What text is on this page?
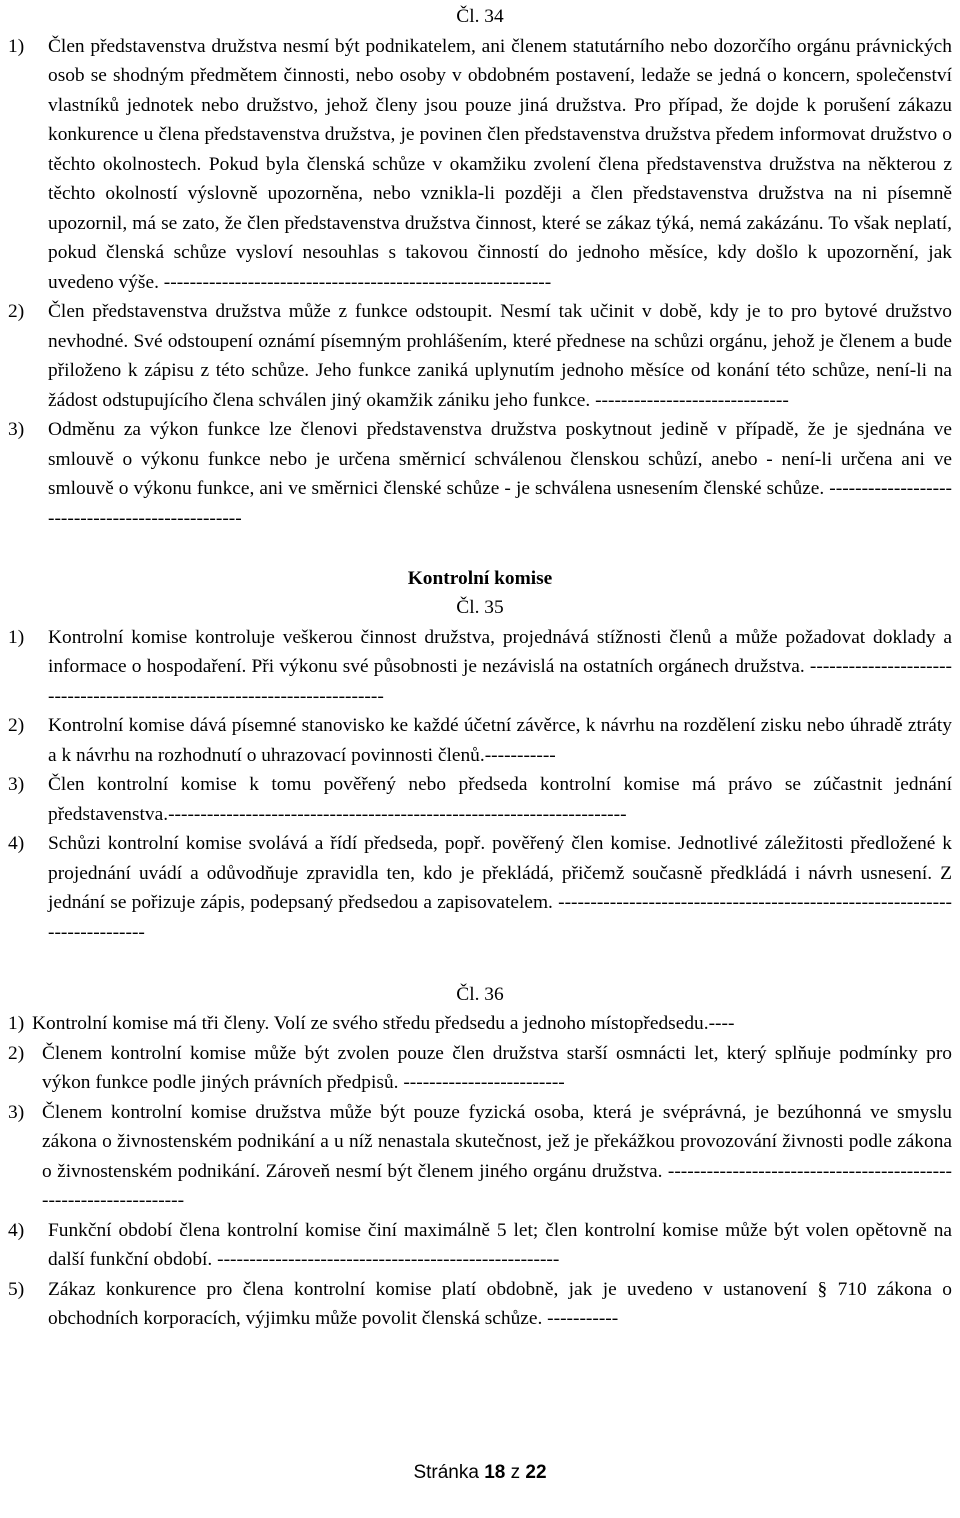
Čl. 34
1)	Člen představenstva družstva nesmí být podnikatelem, ani členem statutárního nebo dozorčího orgánu právnických osob se shodným předmětem činnosti, nebo osoby v obdobném postavení, ledaže se jedná o koncern, společenství vlastníků jednotek nebo družstvo, jehož členy jsou pouze jiná družstva. Pro případ, že dojde k porušení zákazu konkurence u člena představenstva družstva, je povinen člen představenstva družstva předem informovat družstvo o těchto okolnostech. Pokud byla členská schůze v okamžiku zvolení člena představenstva družstva na některou z těchto okolností výslovně upozorněna, nebo vznikla-li později a člen představenstva družstva na ni písemně upozornil, má se zato, že člen představenstva družstva činnost, které se zákaz týká, nemá zakázánu. To však neplatí, pokud členská schůze vysloví nesouhlas s takovou činností do jednoho měsíce, kdy došlo k upozornění, jak uvedeno výše. ------------------------------------------------------------
2)	Člen představenstva družstva může z funkce odstoupit. Nesmí tak učinit v době, kdy je to pro bytové družstvo nevhodné. Své odstoupení oznámí písemným prohlášením, které přednese na schůzi orgánu, jehož je členem a bude přiloženo k zápisu z této schůze. Jeho funkce zaniká uplynutím jednoho měsíce od konání této schůze, není-li na žádost odstupujícího člena schválen jiný okamžik zániku jeho funkce. ------------------------------
3)	Odměnu za výkon funkce lze členovi představenstva družstva poskytnout jedině v případě, že je sjednána ve smlouvě o výkonu funkce nebo je určena směrnicí schválenou členskou schůzí, anebo - není-li určena ani ve smlouvě o výkonu funkce, ani ve směrnici členské schůze - je schválena usnesením členské schůze. -------------------------------------------------
Kontrolní komise
Čl. 35
1)	Kontrolní komise kontroluje veškerou činnost družstva, projednává stížnosti členů a může požadovat doklady a informace o hospodaření. Při výkonu své působnosti je nezávislá na ostatních orgánech družstva. --------------------------------------------------------------------------
2)	Kontrolní komise dává písemné stanovisko ke každé účetní závěrce, k návrhu na rozdělení zisku nebo úhradě ztráty a k návrhu na rozhodnutí o uhrazovací povinnosti členů.-----------
3)	Člen kontrolní komise k tomu pověřený nebo předseda kontrolní komise má právo se zúčastnit jednání představenstva.-----------------------------------------------------------------------
4)	Schůzi kontrolní komise svolává a řídí předseda, popř. pověřený člen komise. Jednotlivé záležitosti předložené k projednání uvádí a odůvodňuje zpravidla ten, kdo je překládá, přičemž současně předkládá i návrh usnesení. Z jednání se pořizuje zápis, podepsaný předsedou a zapisovatelem. ----------------------------------------------------------------------------
Čl. 36
1) Kontrolní komise má tři členy. Volí ze svého středu předsedu a jednoho místopředsedu.----
2) Členem kontrolní komise může být zvolen pouze člen družstva starší osmnácti let, který splňuje podmínky pro výkon funkce podle jiných právních předpisů. -------------------------
3) Členem kontrolní komise družstva může být pouze fyzická osoba, která je svéprávná, je bezúhonná ve smyslu zákona o živnostenském podnikání a u níž nenastala skutečnost, jež je překážkou provozování živnosti podle zákona o živnostenském podnikání. Zároveň nesmí být členem jiného orgánu družstva. ------------------------------------------------------------------
4)	Funkční období člena kontrolní komise činí maximálně 5 let; člen kontrolní komise může být volen opětovně na další funkční období. -----------------------------------------------------
5)	Zákaz konkurence pro člena kontrolní komise platí obdobně, jak je uvedeno v ustanovení § 710 zákona o obchodních korporacích, výjimku může povolit členská schůze. -----------
Stránka 18 z 22
